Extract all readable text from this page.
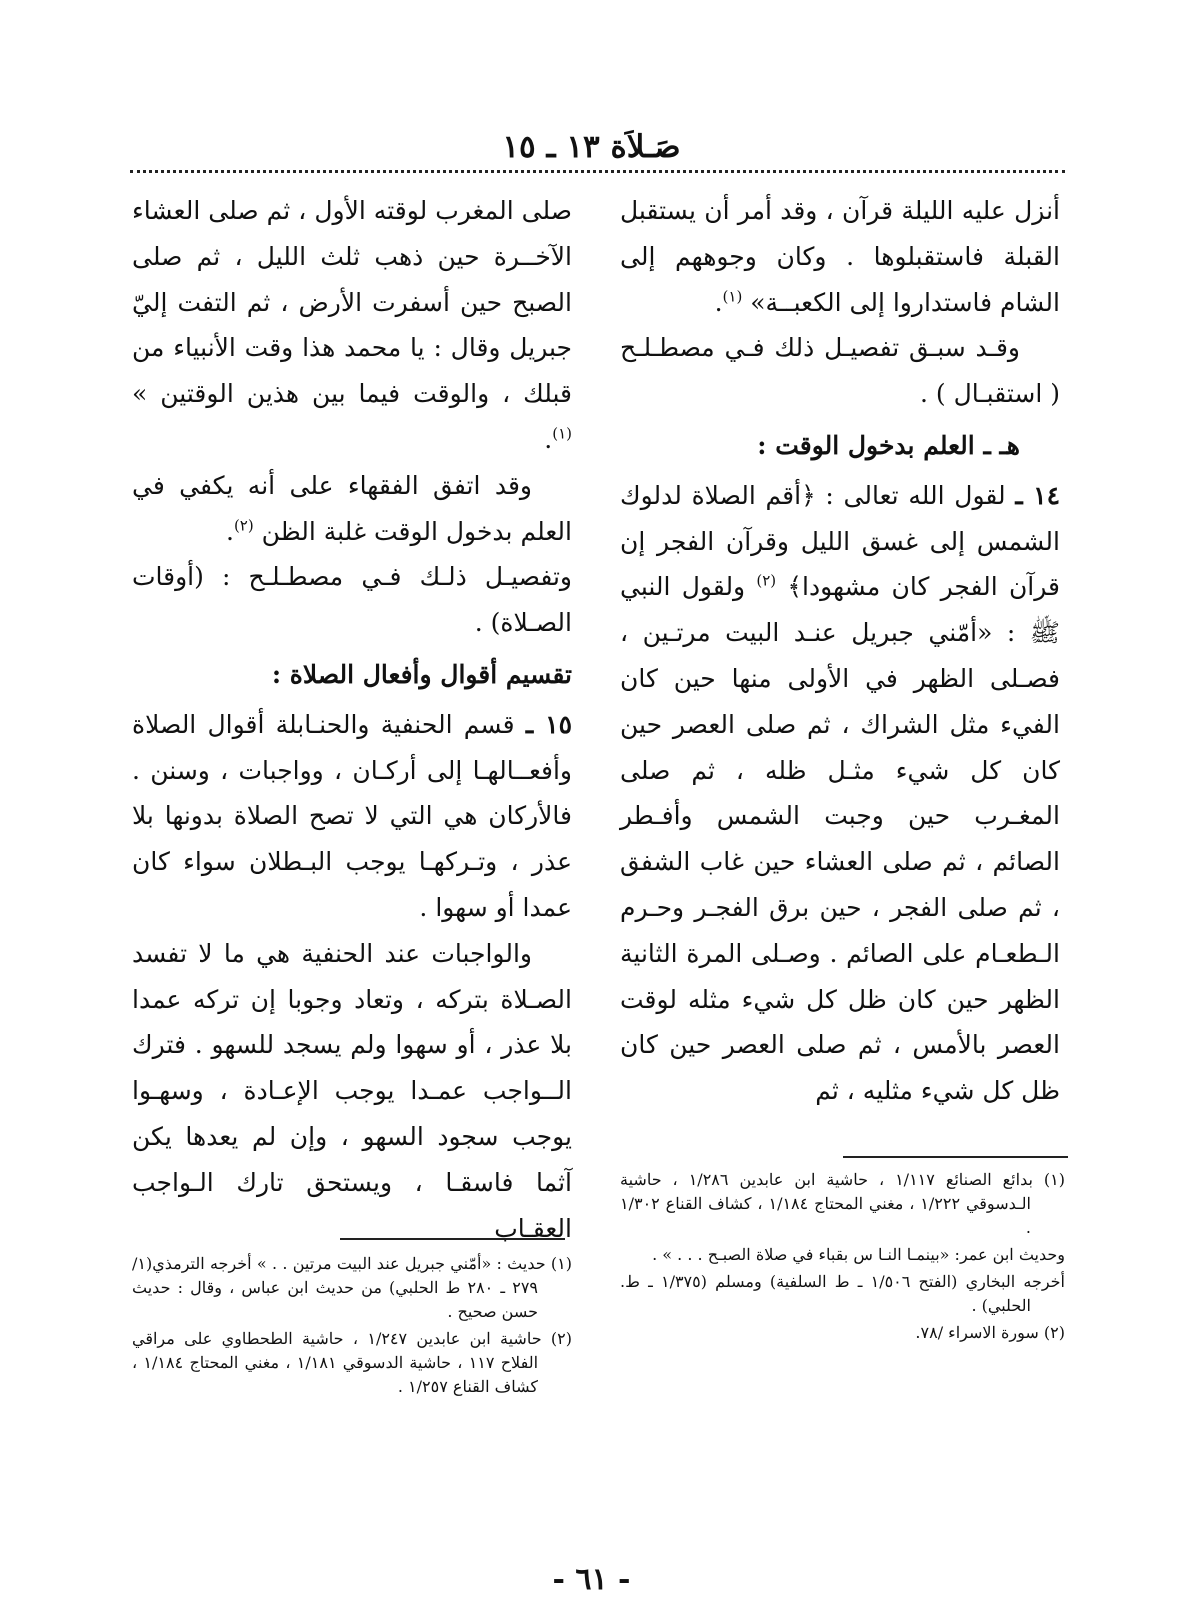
صَـلاَة ١٣ ـ ١٥

أنزل عليه الليلة قرآن ، وقد أمر أن يستقبل القبلة فاستقبلوها . وكان وجوههم إلى الشام فاستداروا إلى الكعبــة» $^{(١)}$.

وقـد سبـق تفصيـل ذلك فـي مصطـلـح ( استقبـال ) .

هـ ـ العلم بدخول الوقت :

١٤ ـ لقول الله تعالى : ﴿أقم الصلاة لدلوك الشمس إلى غسق الليل وقرآن الفجر إن قرآن الفجر كان مشهودا﴾ $^{(٢)}$ ولقول النبي ﷺ : «أمّني جبريل عنـد البيت مرتـين ، فصـلى الظهر في الأولى منها حين كان الفيء مثل الشراك ، ثم صلى العصر حين كان كل شيء مثـل ظله ، ثم صلى المغـرب حين وجبت الشمس وأفـطر الصائم ، ثم صلى العشاء حين غاب الشفق ، ثم صلى الفجر ، حين برق الفجـر وحـرم الـطعـام على الصائم . وصـلى المرة الثانية الظهر حين كان ظل كل شيء مثله لوقت العصر بالأمس ، ثم صلى العصر حين كان ظل كل شيء مثليه ، ثم

صلى المغرب لوقته الأول ، ثم صلى العشاء الآخــرة حين ذهب ثلث الليل ، ثم صلى الصبح حين أسفرت الأرض ، ثم التفت إليّ جبريل وقال : يا محمد هذا وقت الأنبياء من قبلك ، والوقت فيما بين هذين الوقتين » $^{(١)}$.

وقد اتفق الفقهاء على أنه يكفي في العلم بدخول الوقت غلبة الظن $^{(٢)}$.

وتفصيـل ذلـك فـي مصطـلـح : (أوقات الصـلاة) .

تقسيم أقوال وأفعال الصلاة :

١٥ ـ قسم الحنفية والحنـابلة أقوال الصلاة وأفعــالهـا إلى أركـان ، وواجبات ، وسنن . فالأركان هي التي لا تصح الصلاة بدونها بلا عذر ، وتـركهـا يوجب البـطلان سواء كان عمدا أو سهوا .

والواجبات عند الحنفية هي ما لا تفسد الصـلاة بتركه ، وتعاد وجوبا إن تركه عمدا بلا عذر ، أو سهوا ولم يسجد للسهو . فترك الــواجب عمـدا يوجب الإعـادة ، وسهـوا يوجب سجود السهو ، وإن لم يعدها يكن آثما فاسقـا ، ويستحق تارك الـواجب العقـاب

(١) بدائع الصنائع ١/١١٧ ، حاشية ابن عابدين ١/٢٨٦ ، حاشية الـدسوقي ١/٢٢٢ ، مغني المحتاج ١/١٨٤ ، كشاف القناع ١/٣٠٢ .

وحديث ابن عمر: «بينمـا النـا س بقباء في صلاة الصبـح . . . » .

أخرجه البخاري (الفتح ١/٥٠٦ ـ ط السلفية) ومسلم (١/٣٧٥ ـ ط. الحلبي) .

(٢) سورة الاسراء /٧٨.

(١) حديث : «أمّني جبريل عند البيت مرتين . . » أخرجه الترمذي(١/ ٢٧٩ ـ ٢٨٠ ط الحلبي) من حديث ابن عباس ، وقال : حديث حسن صحيح .

(٢) حاشية ابن عابدين ١/٢٤٧ ، حاشية الطحطاوي على مراقي الفلاح ١١٧ ، حاشية الدسوقي ١/١٨١ ، مغني المحتاج ١/١٨٤ ، كشاف القناع ١/٢٥٧ .

- ٦١ -
